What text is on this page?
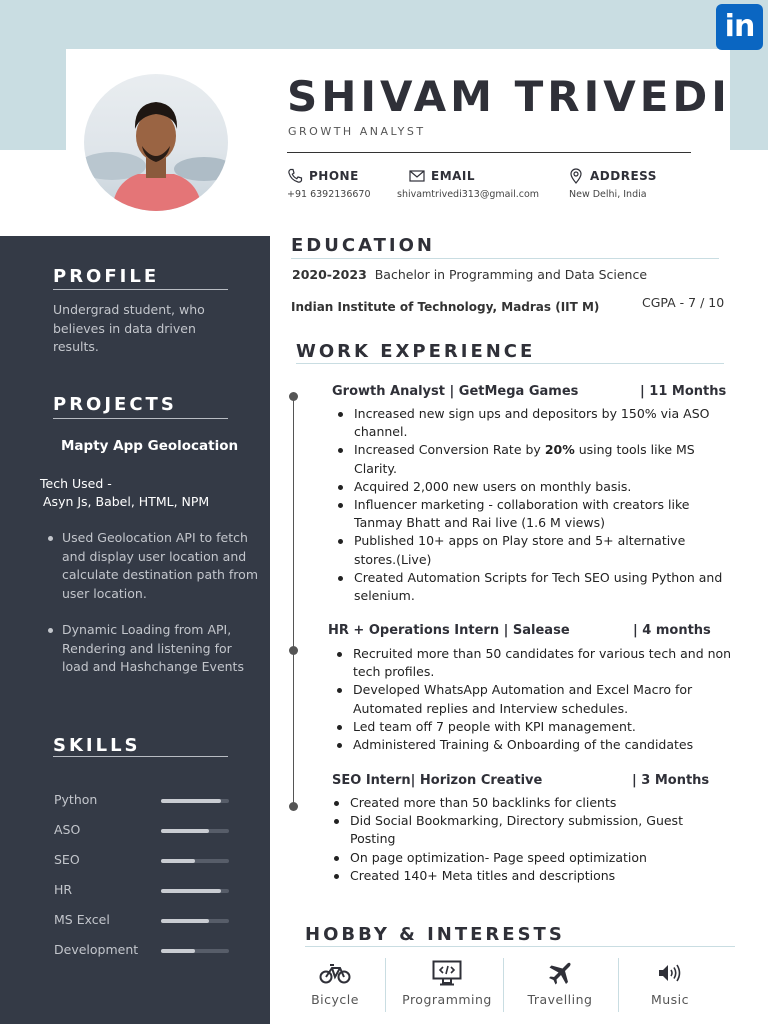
in
SHIVAM TRIVEDI
GROWTH ANALYST
PHONE
+91 6392136670
EMAIL
shivamtrivedi313@gmail.com
ADDRESS
New Delhi, India
PROFILE
Undergrad student, who believes in data driven results.
PROJECTS
Mapty App Geolocation
Tech Used -
Asyn Js, Babel, HTML, NPM
Used Geolocation API to fetch and display user location and calculate destination path from user location.
Dynamic Loading from API, Rendering and listening for load and Hashchange Events
SKILLS
Python
ASO
SEO
HR
MS Excel
Development
EDUCATION
2020-2023 Bachelor in Programming and Data Science
Indian Institute of Technology, Madras (IIT M)	CGPA - 7 / 10
WORK EXPERIENCE
Growth Analyst | GetMega Games	| 11 Months
Increased new sign ups and depositors by 150% via ASO channel.
Increased Conversion Rate by 20% using tools like MS Clarity.
Acquired 2,000 new users on monthly basis.
Influencer marketing - collaboration with creators like Tanmay Bhatt and Rai live (1.6 M views)
Published 10+ apps on Play store and 5+ alternative stores.(Live)
Created Automation Scripts for Tech SEO using Python and selenium.
HR + Operations Intern | Salease	| 4 months
Recruited more than 50 candidates for various tech and non tech profiles.
Developed WhatsApp Automation and Excel Macro for Automated replies and Interview schedules.
Led team off 7 people with KPI management.
Administered Training & Onboarding of the candidates
SEO Intern| Horizon Creative	| 3 Months
Created more than 50 backlinks for clients
Did Social Bookmarking, Directory submission, Guest Posting
On page optimization- Page speed optimization
Created 140+ Meta titles and descriptions
HOBBY & INTERESTS
Bicycle	Programming	Travelling	Music
